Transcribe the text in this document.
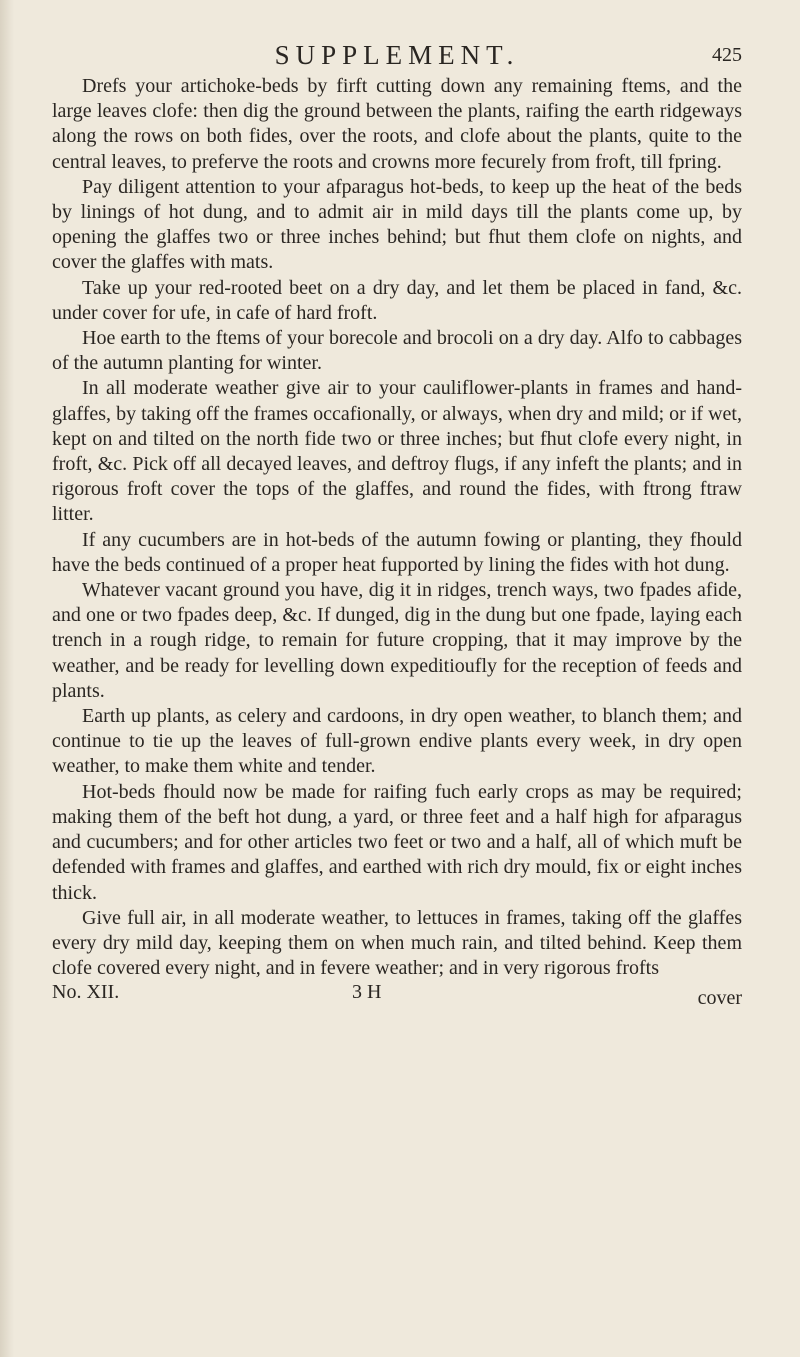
SUPPLEMENT.	425

Drefs your artichoke-beds by firft cutting down any remaining ftems, and the large leaves clofe: then dig the ground between the plants, raifing the earth ridgeways along the rows on both fides, over the roots, and clofe about the plants, quite to the central leaves, to preferve the roots and crowns more fecurely from froft, till fpring.

Pay diligent attention to your afparagus hot-beds, to keep up the heat of the beds by linings of hot dung, and to admit air in mild days till the plants come up, by opening the glaffes two or three inches behind; but fhut them clofe on nights, and cover the glaffes with mats.

Take up your red-rooted beet on a dry day, and let them be placed in fand, &c. under cover for ufe, in cafe of hard froft.

Hoe earth to the ftems of your borecole and brocoli on a dry day. Alfo to cabbages of the autumn planting for winter.

In all moderate weather give air to your cauliflower-plants in frames and hand-glaffes, by taking off the frames occafionally, or always, when dry and mild; or if wet, kept on and tilted on the north fide two or three inches; but fhut clofe every night, in froft, &c. Pick off all decayed leaves, and deftroy flugs, if any infeft the plants; and in rigorous froft cover the tops of the glaffes, and round the fides, with ftrong ftraw litter.

If any cucumbers are in hot-beds of the autumn fowing or planting, they fhould have the beds continued of a proper heat fupported by lining the fides with hot dung.

Whatever vacant ground you have, dig it in ridges, trench ways, two fpades afide, and one or two fpades deep, &c. If dunged, dig in the dung but one fpade, laying each trench in a rough ridge, to remain for future cropping, that it may improve by the weather, and be ready for levelling down expeditioufly for the reception of feeds and plants.

Earth up plants, as celery and cardoons, in dry open weather, to blanch them; and continue to tie up the leaves of full-grown endive plants every week, in dry open weather, to make them white and tender.

Hot-beds fhould now be made for raifing fuch early crops as may be required; making them of the beft hot dung, a yard, or three feet and a half high for afparagus and cucumbers; and for other articles two feet or two and a half, all of which muft be defended with frames and glaffes, and earthed with rich dry mould, fix or eight inches thick.

Give full air, in all moderate weather, to lettuces in frames, taking off the glaffes every dry mild day, keeping them on when much rain, and tilted behind. Keep them clofe covered every night, and in fevere weather; and in very rigorous frofts

No. XII.	3 H	cover
